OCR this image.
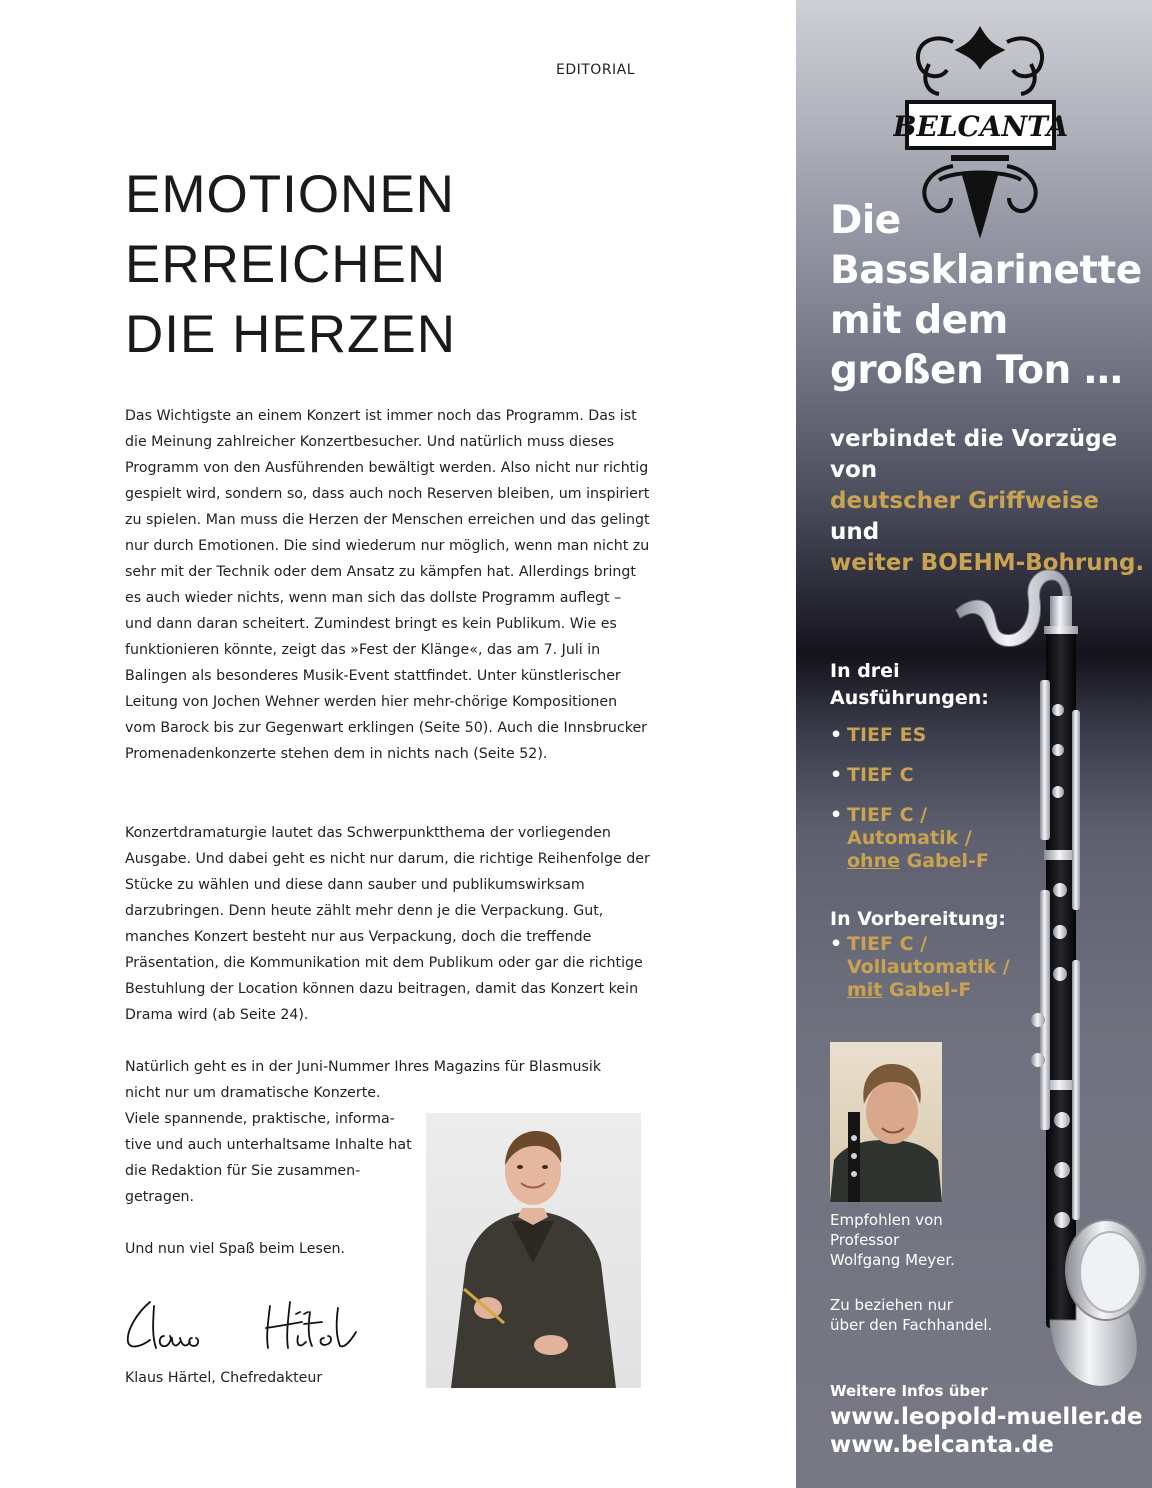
EDITORIAL
EMOTIONEN
ERREICHEN
DIE HERZEN

Das Wichtigste an einem Konzert ist immer noch das Programm. Das ist die Meinung zahlreicher Konzertbesucher. Und natürlich muss dieses Programm von den Ausführenden bewältigt werden. Also nicht nur richtig gespielt wird, sondern so, dass auch noch Reserven bleiben, um inspiriert zu spielen. Man muss die Herzen der Menschen erreichen und das gelingt nur durch Emotionen. Die sind wiederum nur möglich, wenn man nicht zu sehr mit der Technik oder dem Ansatz zu kämpfen hat. Allerdings bringt es auch wieder nichts, wenn man sich das dollste Programm auflegt – und dann daran scheitert. Zumindest bringt es kein Publikum. Wie es funktionieren könnte, zeigt das »Fest der Klänge«, das am 7. Juli in Balingen als besonderes Musik-Event stattfindet. Unter künstlerischer Leitung von Jochen Wehner werden hier mehr-chörige Kompositionen vom Barock bis zur Gegenwart erklingen (Seite 50). Auch die Innsbrucker Promenadenkonzerte stehen dem in nichts nach (Seite 52).

Konzertdramaturgie lautet das Schwerpunktthema der vorliegenden Ausgabe. Und dabei geht es nicht nur darum, die richtige Reihenfolge der Stücke zu wählen und diese dann sauber und publikumswirksam darzubringen. Denn heute zählt mehr denn je die Verpackung. Gut, manches Konzert besteht nur aus Verpackung, doch die treffende Präsentation, die Kommunikation mit dem Publikum oder gar die richtige Bestuhlung der Location können dazu beitragen, damit das Konzert kein Drama wird (ab Seite 24).

Natürlich geht es in der Juni-Nummer Ihres Magazins für Blasmusik nicht nur um dramatische Konzerte.

Viele spannende, praktische, informa-tive und auch unterhaltsame Inhalte hat die Redaktion für Sie zusammen-getragen.

Und nun viel Spaß beim Lesen.

Klaus Härtel, Chefredakteur
BELCANTA
Die
Bassklarinette
mit dem
großen Ton …
verbindet die Vorzüge von
deutscher Griffweise
und
weiter BOEHM-Bohrung.
In drei
Ausführungen:
• TIEF ES
• TIEF C
• TIEF C /
Automatik /
ohne Gabel-F
In Vorbereitung:
• TIEF C /
Vollautomatik /
mit Gabel-F
Empfohlen von
Professor
Wolfgang Meyer.
Zu beziehen nur
über den Fachhandel.
Weitere Infos über
www.leopold-mueller.de
www.belcanta.de
